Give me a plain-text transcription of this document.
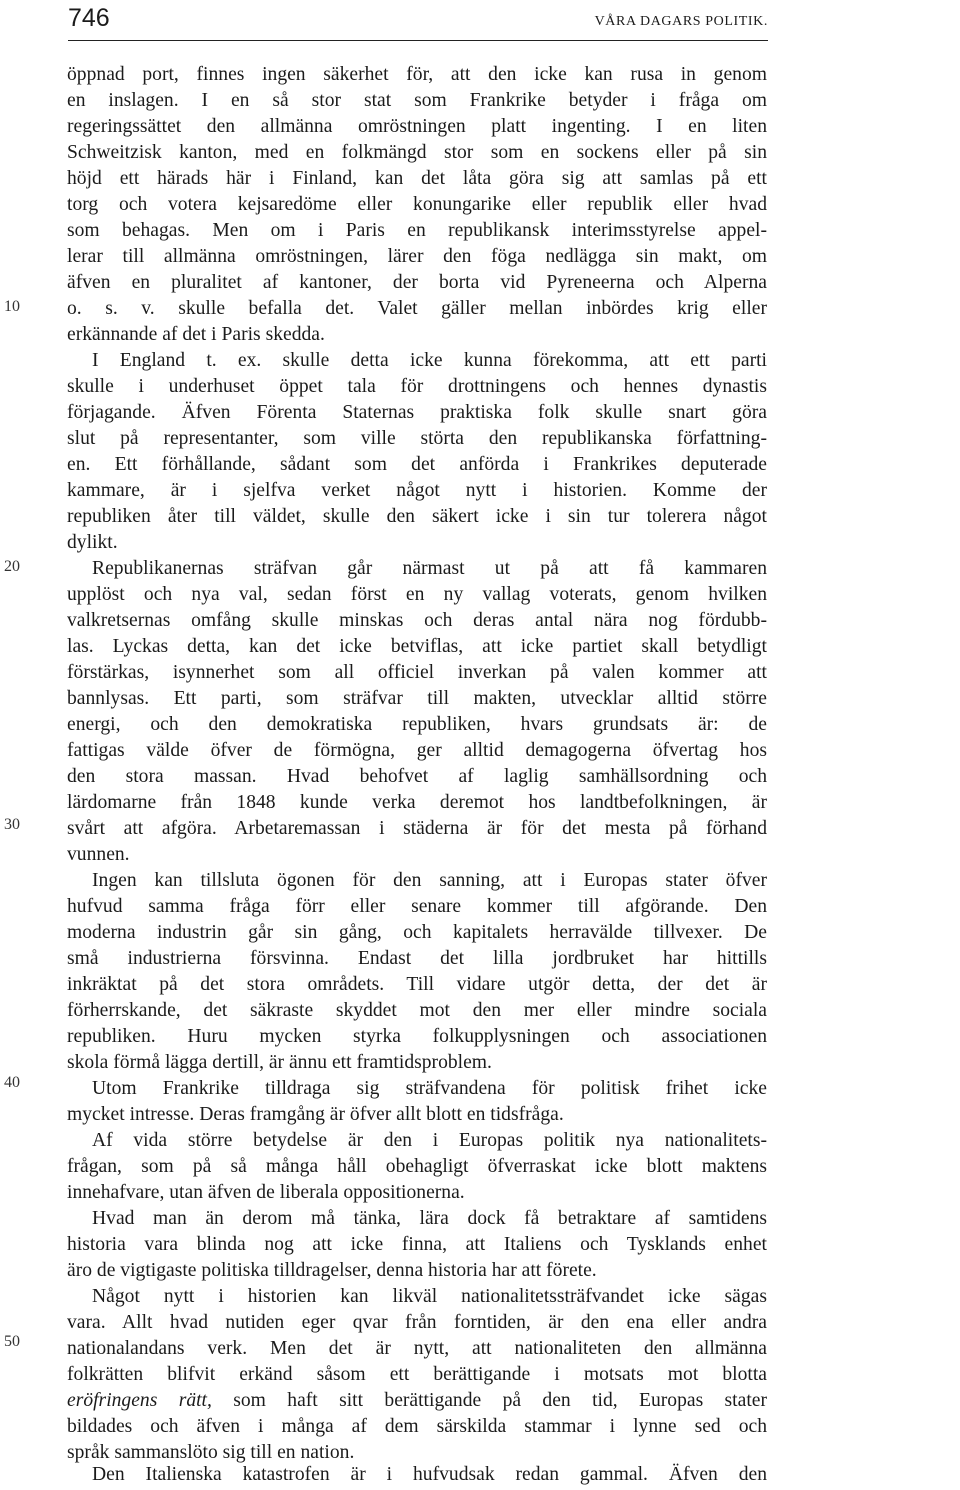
746	VÅRA DAGARS POLITIK.
10
20
30
40
50
öppnad port, finnes ingen säkerhet för, att den icke kan rusa in genom
en inslagen. I en så stor stat som Frankrike betyder i fråga om
regeringssättet den allmänna omröstningen platt ingenting. I en liten
Schweitzisk kanton, med en folkmängd stor som en sockens eller på sin
höjd ett härads här i Finland, kan det låta göra sig att samlas på ett
torg och votera kejsaredöme eller konungarike eller republik eller hvad
som behagas. Men om i Paris en republikansk interimsstyrelse appel-
lerar till allmänna omröstningen, lärer den föga nedlägga sin makt, om
äfven en pluralitet af kantoner, der borta vid Pyreneerna och Alperna
o. s. v. skulle befalla det. Valet gäller mellan inbördes krig eller
erkännande af det i Paris skedda.
I England t. ex. skulle detta icke kunna förekomma, att ett parti
skulle i underhuset öppet tala för drottningens och hennes dynastis
förjagande. Äfven Förenta Staternas praktiska folk skulle snart göra
slut på representanter, som ville störta den republikanska författning-
en. Ett förhållande, sådant som det anförda i Frankrikes deputerade
kammare, är i sjelfva verket något nytt i historien. Komme der
republiken åter till väldet, skulle den säkert icke i sin tur tolerera något
dylikt.
Republikanernas sträfvan går närmast ut på att få kammaren
upplöst och nya val, sedan först en ny vallag voterats, genom hvilken
valkretsernas omfång skulle minskas och deras antal nära nog fördubb-
las. Lyckas detta, kan det icke betviflas, att icke partiet skall betydligt
förstärkas, isynnerhet som all officiel inverkan på valen kommer att
bannlysas. Ett parti, som sträfvar till makten, utvecklar alltid större
energi, och den demokratiska republiken, hvars grundsats är: de
fattigas välde öfver de förmögna, ger alltid demagogerna öfvertag hos
den stora massan. Hvad behofvet af laglig samhällsordning och
lärdomarne från 1848 kunde verka deremot hos landtbefolkningen, är
svårt att afgöra. Arbetaremassan i städerna är för det mesta på förhand
vunnen.
Ingen kan tillsluta ögonen för den sanning, att i Europas stater öfver
hufvud samma fråga förr eller senare kommer till afgörande. Den
moderna industrin går sin gång, och kapitalets herravälde tillvexer. De
små industrierna försvinna. Endast det lilla jordbruket har hittills
inkräktat på det stora områdets. Till vidare utgör detta, der det är
förherrskande, det säkraste skyddet mot den mer eller mindre sociala
republiken. Huru mycken styrka folkupplysningen och associationen
skola förmå lägga dertill, är ännu ett framtidsproblem.
Utom Frankrike tilldraga sig sträfvandena för politisk frihet icke
mycket intresse. Deras framgång är öfver allt blott en tidsfråga.
Af vida större betydelse är den i Europas politik nya nationalitets-
frågan, som på så många håll obehagligt öfverraskat icke blott maktens
innehafvare, utan äfven de liberala oppositionerna.
Hvad man än derom må tänka, lära dock få betraktare af samtidens
historia vara blinda nog att icke finna, att Italiens och Tysklands enhet
äro de vigtigaste politiska tilldragelser, denna historia har att förete.
Något nytt i historien kan likväl nationalitetssträfvandet icke sägas
vara. Allt hvad nutiden eger qvar från forntiden, är den ena eller andra
nationalandans verk. Men det är nytt, att nationaliteten den allmänna
folkrätten blifvit erkänd såsom ett berättigande i motsats mot blotta
eröfringens rätt, som haft sitt berättigande på den tid, Europas stater
bildades och äfven i många af dem särskilda stammar i lynne sed och
språk sammanslöto sig till en nation.
Den Italienska katastrofen är i hufvudsak redan gammal. Äfven den
